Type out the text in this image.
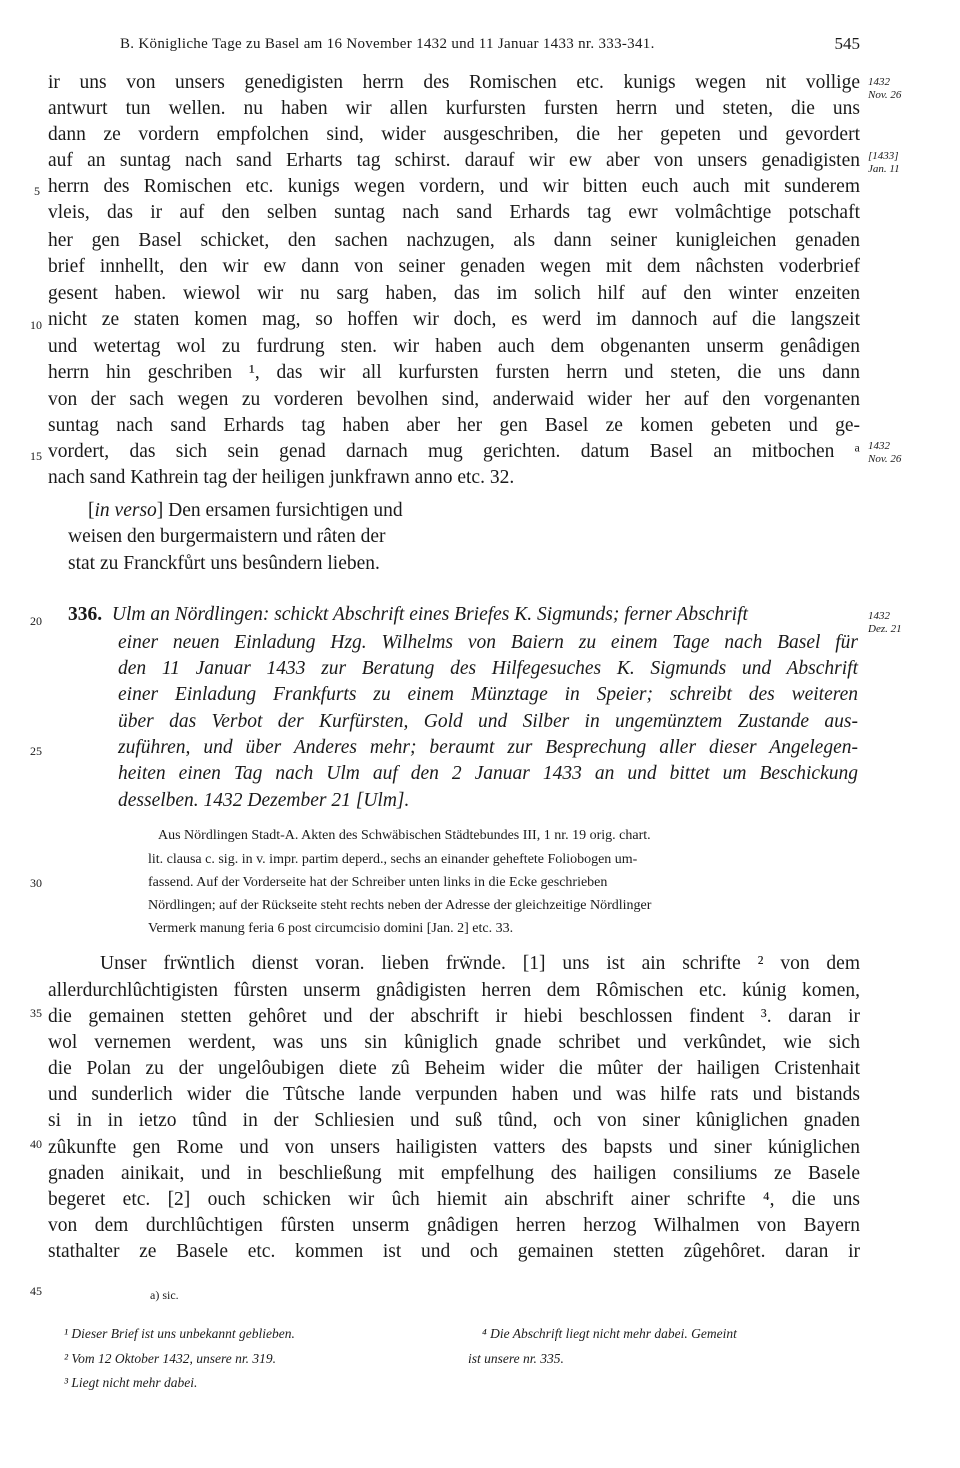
B. Königliche Tage zu Basel am 16 November 1432 und 11 Januar 1433 nr. 333-341.	545
ir uns von unsers genedigisten herrn des Romischen etc. kunigs wegen nit vollige
antwurt tun wellen. nu haben wir allen kurfursten fursten herrn und steten, die uns
dann ze vordern empfolchen sind, wider ausgeschriben, die her gepeten und gevordert
auf an suntag nach sand Erharts tag schirst. darauf wir ew aber von unsers genadigisten
herrn des Romischen etc. kunigs wegen vordern, und wir bitten euch auch mit sunderem
vleis, das ir auf den selben suntag nach sand Erhards tag ewr volmâchtige potschaft
her gen Basel schicket, den sachen nachzugen, als dann seiner kunigleichen genaden
brief innhellt, den wir ew dann von seiner genaden wegen mit dem nâchsten voderbrief
gesent haben. wiewol wir nu sarg haben, das im solich hilf auf den winter enzeiten
nicht ze staten komen mag, so hoffen wir doch, es werd im dannoch auf die langszeit
und wetertag wol zu furdrung sten. wir haben auch dem obgenanten unserm genâdigen
herrn hin geschriben ¹, das wir all kurfursten fursten herrn und steten, die uns dann
von der sach wegen zu vorderen bevolhen sind, anderwaid wider her auf den vorgenanten
suntag nach sand Erhards tag haben aber her gen Basel ze komen gebeten und ge-
vordert, das sich sein genad darnach mug gerichten. datum Basel an mitbochen ᵃ
nach sand Kathrein tag der heiligen junkfrawn anno etc. 32.
5
10
15
20
25
30
35
40
45
1432
Nov. 26
[1433]
Jan. 11
1432
Nov. 26
1432
Dez. 21
[in verso] Den ersamen fursichtigen und
weisen den burgermaistern und râten der
stat zu Franckfůrt uns besûndern lieben.
336. Ulm an Nördlingen: schickt Abschrift eines Briefes K. Sigmunds; ferner Abschrift
einer neuen Einladung Hzg. Wilhelms von Baiern zu einem Tage nach Basel für
den 11 Januar 1433 zur Beratung des Hilfegesuches K. Sigmunds und Abschrift
einer Einladung Frankfurts zu einem Münztage in Speier; schreibt des weiteren
über das Verbot der Kurfürsten, Gold und Silber in ungemünztem Zustande aus-
zuführen, und über Anderes mehr; beraumt zur Besprechung aller dieser Angelegen-
heiten einen Tag nach Ulm auf den 2 Januar 1433 an und bittet um Beschickung
desselben. 1432 Dezember 21 [Ulm].
Aus Nördlingen Stadt-A. Akten des Schwäbischen Städtebundes III, 1 nr. 19 orig. chart.
lit. clausa c. sig. in v. impr. partim deperd., sechs an einander geheftete Foliobogen um-
fassend. Auf der Vorderseite hat der Schreiber unten links in die Ecke geschrieben
Nördlingen; auf der Rückseite steht rechts neben der Adresse der gleichzeitige Nördlinger
Vermerk manung feria 6 post circumcisio domini [Jan. 2] etc. 33.
Unser frẅntlich dienst voran. lieben frẅnde. [1] uns ist ain schrifte ² von dem
allerdurchlûchtigisten fûrsten unserm gnâdigisten herren dem Rômischen etc. kúnig komen,
die gemainen stetten gehôret und der abschrift ir hiebi beschlossen findent ³. daran ir
wol vernemen werdent, was uns sin kûniglich gnade schribet und verkûndet, wie sich
die Polan zu der ungelôubigen diete zû Beheim wider die mûter der hailigen Cristenhait
und sunderlich wider die Tûtsche lande verpunden haben und was hilfe rats und bistands
si in in ietzo tûnd in der Schliesien und suß tûnd, och von siner kûniglichen gnaden
zûkunfte gen Rome und von unsers hailigisten vatters des bapsts und siner kúniglichen
gnaden ainikait, und in beschließung mit empfelhung des hailigen consiliums ze Basele
begeret etc. [2] ouch schicken wir ûch hiemit ain abschrift ainer schrifte ⁴, die uns
von dem durchlûchtigen fûrsten unserm gnâdigen herren herzog Wilhalmen von Bayern
stathalter ze Basele etc. kommen ist und och gemainen stetten zûgehôret. daran ir
a) sic.
¹ Dieser Brief ist uns unbekannt geblieben.
² Vom 12 Oktober 1432, unsere nr. 319.
³ Liegt nicht mehr dabei.
⁴ Die Abschrift liegt nicht mehr dabei. Gemeint
ist unsere nr. 335.
